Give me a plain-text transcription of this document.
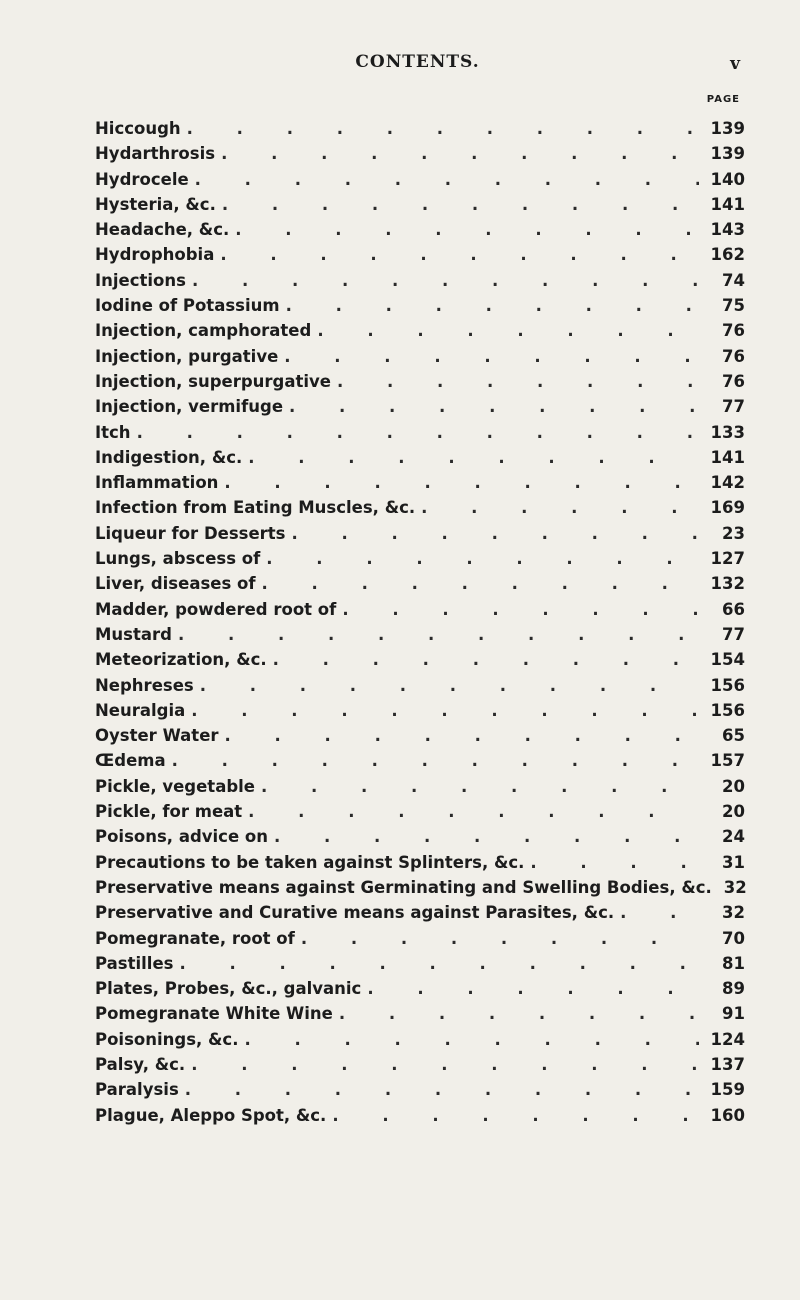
CONTENTS.	v
PAGE
Hiccough . . .	139
Hydarthrosis . . .	139
Hydrocele . . .	140
Hysteria, &c. . . .	141
Headache, &c. . . .	143
Hydrophobia . . .	162
Injections . . .	74
Iodine of Potassium . . .	75
Injection, camphorated . . .	76
Injection, purgative . . .	76
Injection, superpurgative . . .	76
Injection, vermifuge . . .	77
Itch . . .	133
Indigestion, &c. . . .	141
Inflammation . . .	142
Infection from Eating Muscles, &c. . . .	169
Liqueur for Desserts . . .	23
Lungs, abscess of . . .	127
Liver, diseases of . . .	132
Madder, powdered root of . . .	66
Mustard . . .	77
Meteorization, &c. . . .	154
Nephreses . . .	156
Neuralgia . . .	156
Oyster Water . . .	65
Œdema . . .	157
Pickle, vegetable . . .	20
Pickle, for meat . . .	20
Poisons, advice on . . .	24
Precautions to be taken against Splinters, &c. . . .	31
Preservative means against Germinating and Swelling Bodies, &c. 32
Preservative and Curative means against Parasites, &c. . . .	32
Pomegranate, root of . . .	70
Pastilles . . .	81
Plates, Probes, &c., galvanic . . .	89
Pomegranate White Wine . . .	91
Poisonings, &c. . . .	124
Palsy, &c. . . .	137
Paralysis . . .	159
Plague, Aleppo Spot, &c. . . .	160
